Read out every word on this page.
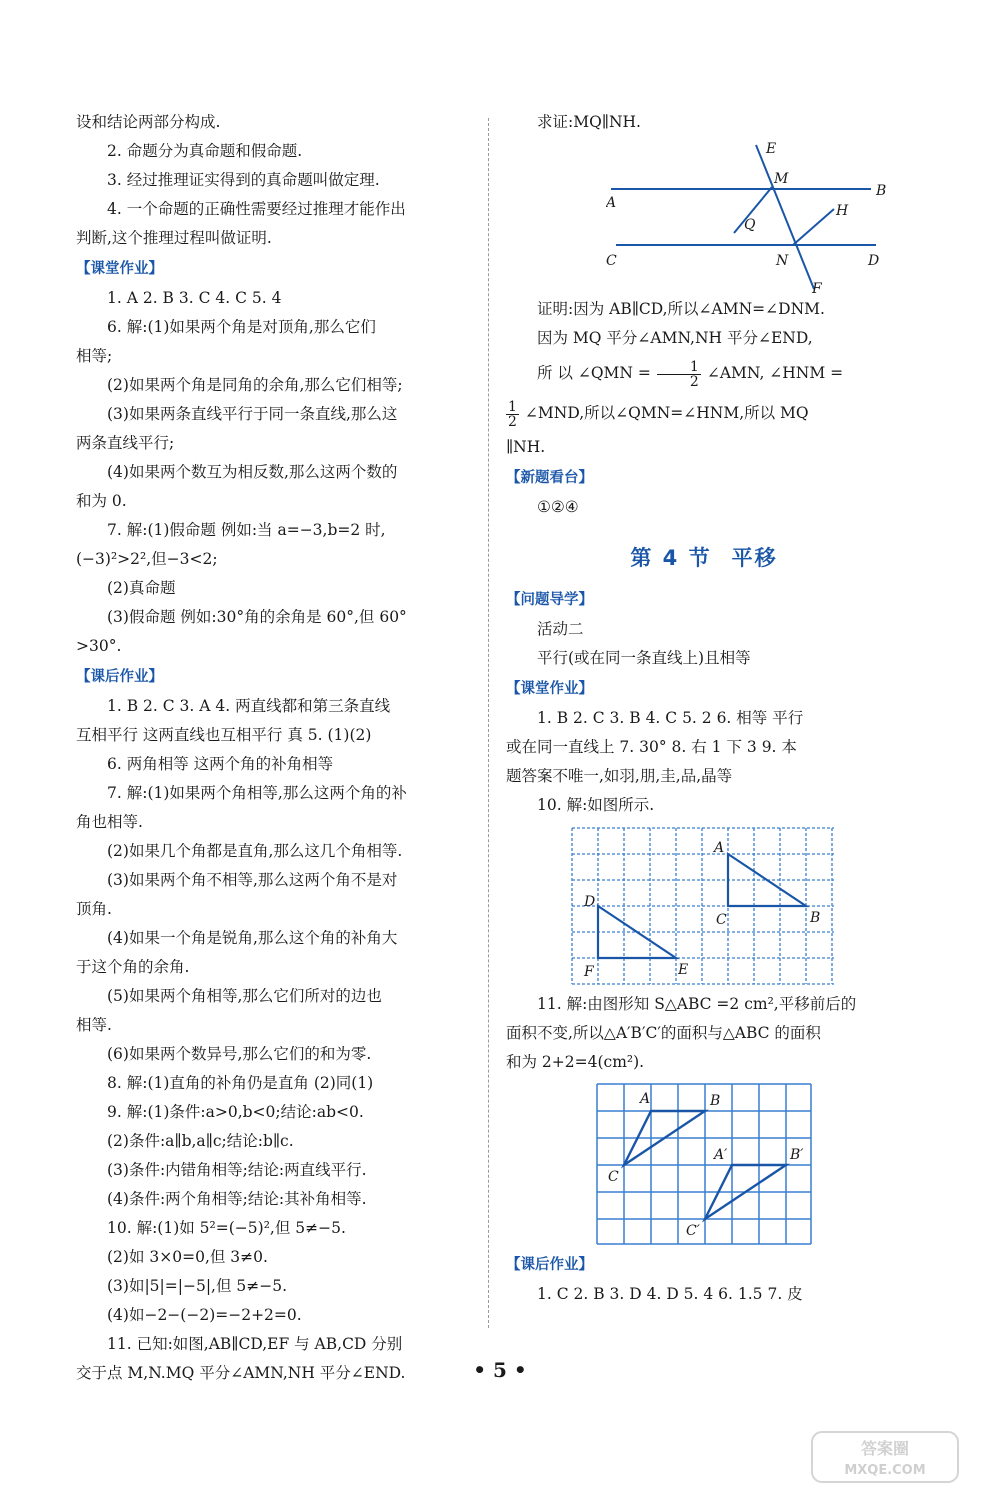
设和结论两部分构成.

2. 命题分为真命题和假命题.

3. 经过推理证实得到的真命题叫做定理.

4. 一个命题的正确性需要经过推理才能作出

判断,这个推理过程叫做证明.

【课堂作业】

1. A 2. B 3. C 4. C 5. 4

6. 解:(1)如果两个角是对顶角,那么它们

相等;

(2)如果两个角是同角的余角,那么它们相等;

(3)如果两条直线平行于同一条直线,那么这

两条直线平行;

(4)如果两个数互为相反数,那么这两个数的

和为 0.

7. 解:(1)假命题 例如:当 a=−3,b=2 时,

(−3)²>2²,但−3<2;

(2)真命题

(3)假命题 例如:30°角的余角是 60°,但 60°

>30°.

【课后作业】

1. B 2. C 3. A 4. 两直线都和第三条直线

互相平行 这两直线也互相平行 真 5. (1)(2)

6. 两角相等 这两个角的补角相等

7. 解:(1)如果两个角相等,那么这两个角的补

角也相等.

(2)如果几个角都是直角,那么这几个角相等.

(3)如果两个角不相等,那么这两个角不是对

顶角.

(4)如果一个角是锐角,那么这个角的补角大

于这个角的余角.

(5)如果两个角相等,那么它们所对的边也

相等.

(6)如果两个数异号,那么它们的和为零.

8. 解:(1)直角的补角仍是直角 (2)同(1)

9. 解:(1)条件:a>0,b<0;结论:ab<0.

(2)条件:a∥b,a∥c;结论:b∥c.

(3)条件:内错角相等;结论:两直线平行.

(4)条件:两个角相等;结论:其补角相等.

10. 解:(1)如 5²=(−5)²,但 5≠−5.

(2)如 3×0=0,但 3≠0.

(3)如|5|=|−5|,但 5≠−5.

(4)如−2−(−2)=−2+2=0.

11. 已知:如图,AB∥CD,EF 与 AB,CD 分别

交于点 M,N.MQ 平分∠AMN,NH 平分∠END.

求证:MQ∥NH.

E
M
H
A
B
Q
C	N	D
F

证明:因为 AB∥CD,所以∠AMN=∠DNM.

因为 MQ 平分∠AMN,NH 平分∠END,

所 以 ∠QMN = $\frac{1}{2}$ ∠AMN, ∠HNM =

$\frac{1}{2}$ ∠MND,所以∠QMN=∠HNM,所以 MQ

∥NH.

【新题看台】

①②④

第 4 节 平移

【问题导学】

活动二

平行(或在同一条直线上)且相等

【课堂作业】

1. B 2. C 3. B 4. C 5. 2 6. 相等 平行

或在同一直线上 7. 30° 8. 右 1 下 3 9. 本

题答案不唯一,如羽,朋,圭,品,晶等

10. 解:如图所示.

A
B
C
D
E
F

11. 解:由图形知 S△ABC =2 cm²,平移前后的

面积不变,所以△A′B′C′的面积与△ABC 的面积

和为 2+2=4(cm²).

A	B
C
A′	B′
C′

【课后作业】

1. C 2. B 3. D 4. D 5. 4 6. 1.5 7. 皮

• 5 •
答案圈
MXQE.COM
